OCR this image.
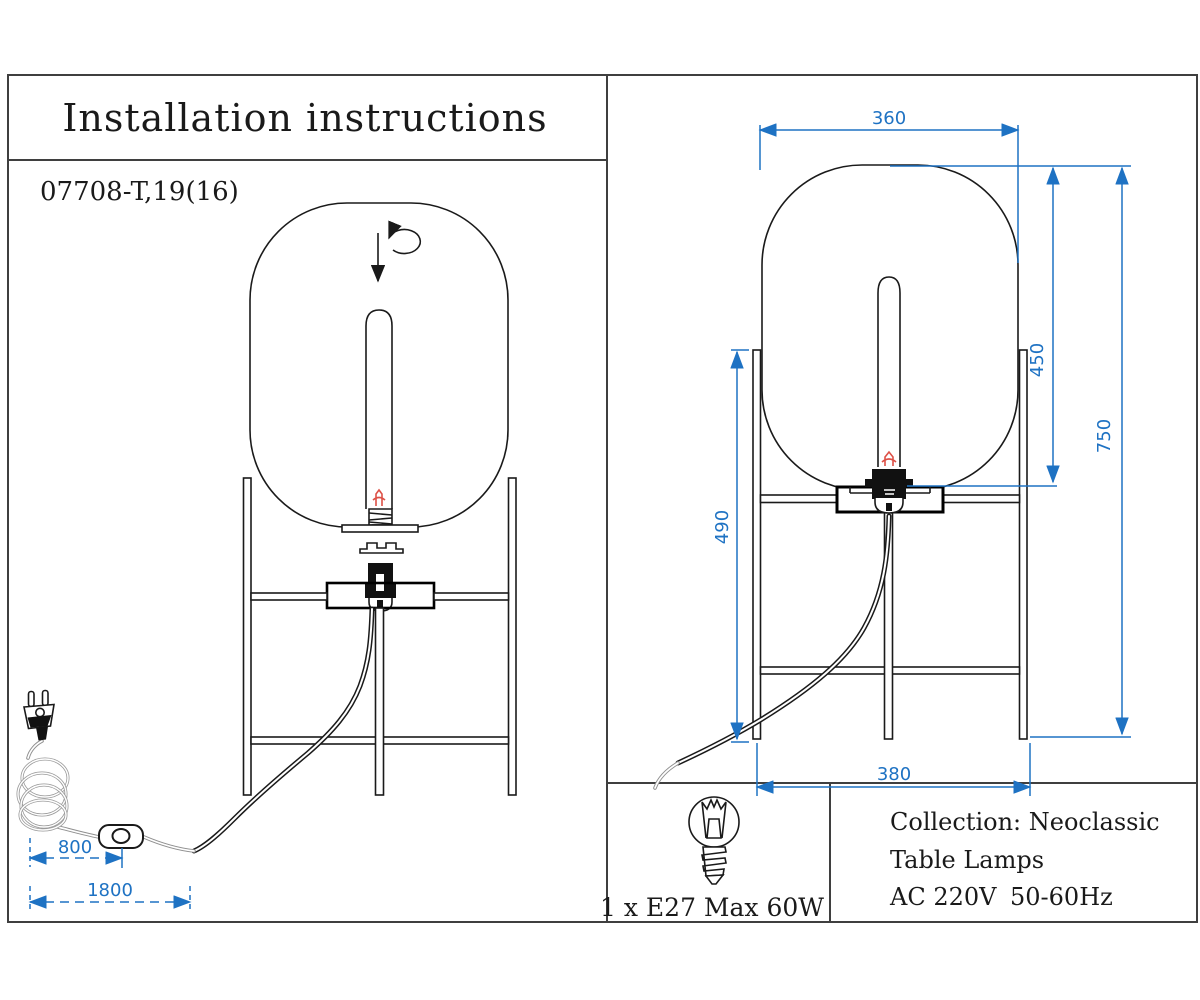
Installation instructions
07708-T,19(16)
800
1800
360
450
750
490
380
1 x E27 Max 60W
Collection: Neoclassic
Table Lamps
AC 220V 50-60Hz
